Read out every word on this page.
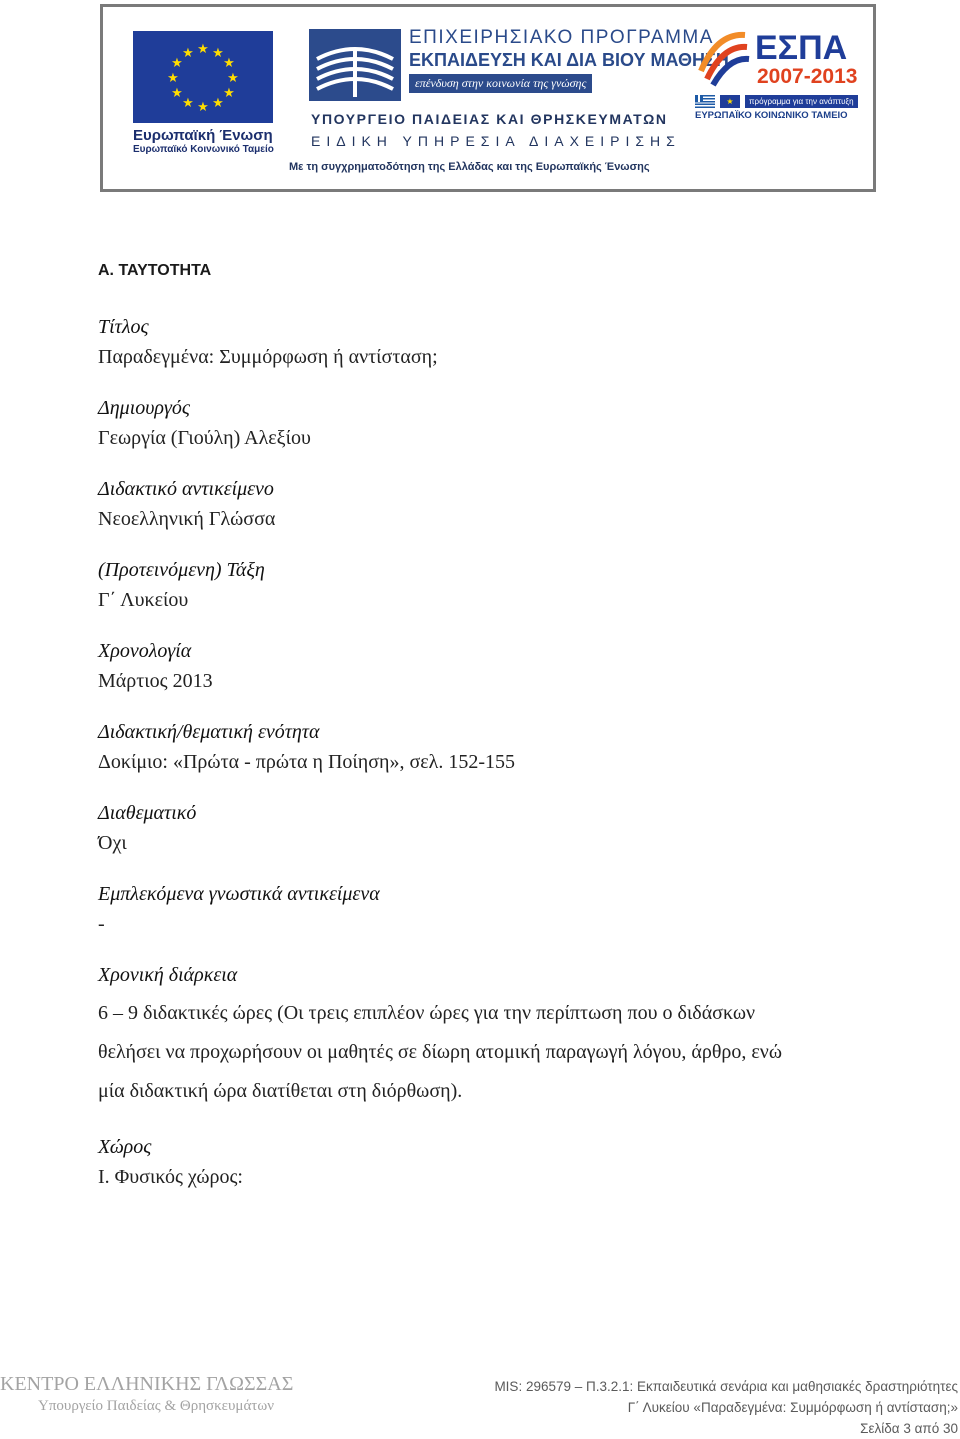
★ ★
★
★
★
★
★
★
★
★
★
★
Ευρωπαϊκή Ένωση
Ευρωπαϊκό Κοινωνικό Ταμείο
ΕΠΙΧΕΙΡΗΣΙΑΚΟ ΠΡΟΓΡΑΜΜΑ
ΕΚΠΑΙΔΕΥΣΗ ΚΑΙ ΔΙΑ ΒΙΟΥ ΜΑΘΗΣΗ
επένδυση στην κοινωνία της γνώσης
ΥΠΟΥΡΓΕΙΟ ΠΑΙΔΕΙΑΣ ΚΑΙ ΘΡΗΣΚΕΥΜΑΤΩΝ
ΕΙΔΙΚΗ ΥΠΗΡΕΣΙΑ ΔΙΑΧΕΙΡΙΣΗΣ
Με τη συγχρηματοδότηση της Ελλάδας και της Ευρωπαϊκής Ένωσης
ΕΣΠΑ
2007-2013
★	πρόγραμμα για την ανάπτυξη
ΕΥΡΩΠΑΪΚΟ ΚΟΙΝΩΝΙΚΟ ΤΑΜΕΙΟ
Α. ΤΑΥΤΟΤΗΤΑ
Τίτλος
Παραδεγμένα: Συμμόρφωση ή αντίσταση;
Δημιουργός
Γεωργία (Γιούλη) Αλεξίου
Διδακτικό αντικείμενο
Νεοελληνική Γλώσσα
(Προτεινόμενη) Τάξη
Γ΄ Λυκείου
Χρονολογία
Μάρτιος 2013
Διδακτική/θεματική ενότητα
Δοκίμιο: «Πρώτα - πρώτα η Ποίηση», σελ. 152-155
Διαθεματικό
Όχι
Εμπλεκόμενα γνωστικά αντικείμενα
-
Χρονική διάρκεια
6 – 9 διδακτικές ώρες (Οι τρεις επιπλέον ώρες για την περίπτωση που ο διδάσκων
θελήσει να προχωρήσουν οι μαθητές σε δίωρη ατομική παραγωγή λόγου, άρθρο, ενώ
μία διδακτική ώρα διατίθεται στη διόρθωση).
Χώρος
Ι. Φυσικός χώρος:
ΚΕΝΤΡΟ ΕΛΛΗΝΙΚΗΣ ΓΛΩΣΣΑΣ
Υπουργείο Παιδείας & Θρησκευμάτων
MIS: 296579 – Π.3.2.1: Εκπαιδευτικά σενάρια και μαθησιακές δραστηριότητες
Γ΄ Λυκείου «Παραδεγμένα: Συμμόρφωση ή αντίσταση;»
Σελίδα 3 από 30
